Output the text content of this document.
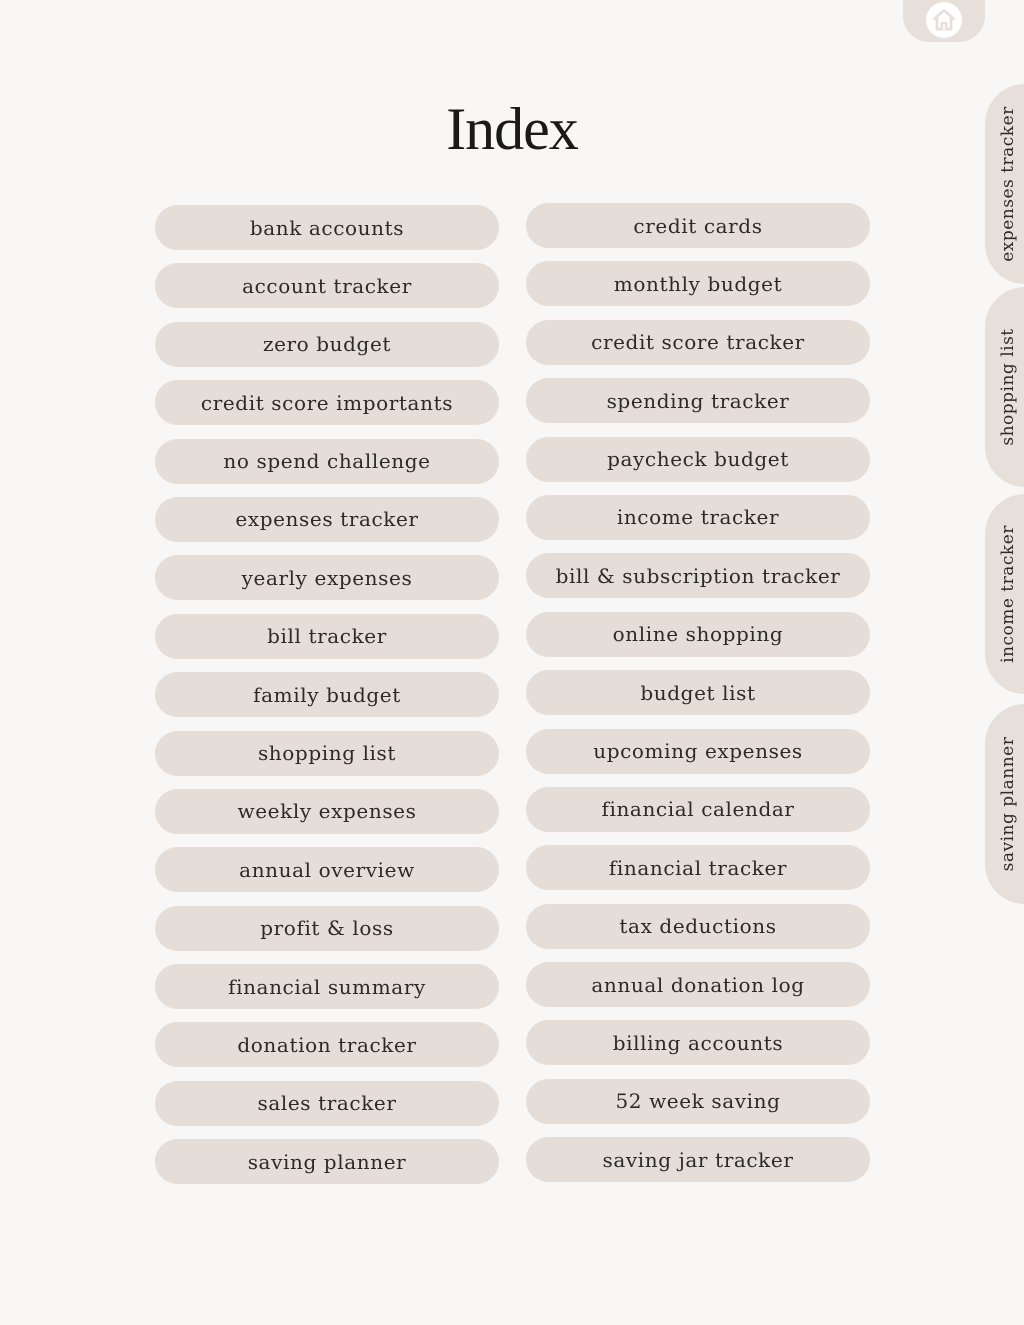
Index
bank accounts
account tracker
zero budget
credit score importants
no spend challenge
expenses tracker
yearly expenses
bill tracker
family budget
shopping list
weekly expenses
annual overview
profit & loss
financial summary
donation tracker
sales tracker
saving planner
credit cards
monthly budget
credit score tracker
spending tracker
paycheck budget
income tracker
bill & subscription tracker
online shopping
budget list
upcoming expenses
financial calendar
financial tracker
tax deductions
annual donation log
billing accounts
52 week saving
saving jar tracker
expenses tracker
shopping list
income tracker
saving planner
